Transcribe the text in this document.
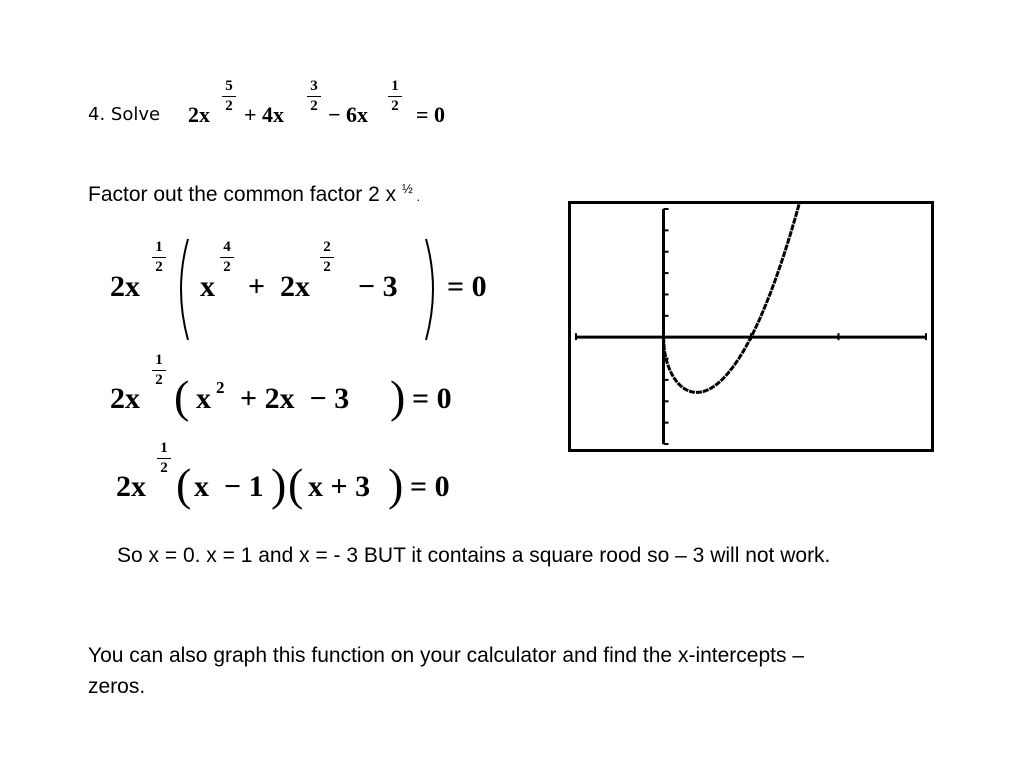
4. Solve $2x \frac{5}{2} + 4x \frac{3}{2} - 6x \frac{1}{2} = 0$
Factor out the common factor 2 x $^{\frac{1}{2}}$ .
2x
$\frac{1}{2}$
x
$\frac{4}{2}$
+ 2x
$\frac{2}{2}$
− 3 = 0
2x
$\frac{1}{2}$
( x 2 + 2x  − 3 ) = 0
2x
$\frac{1}{2}$
( x  − 1 ) ( x + 3 ) = 0
So x = 0. x = 1 and x = - 3 BUT it contains a square rood so – 3 will not work.
You can also graph this function on your calculator and find the x-intercepts – zeros.
